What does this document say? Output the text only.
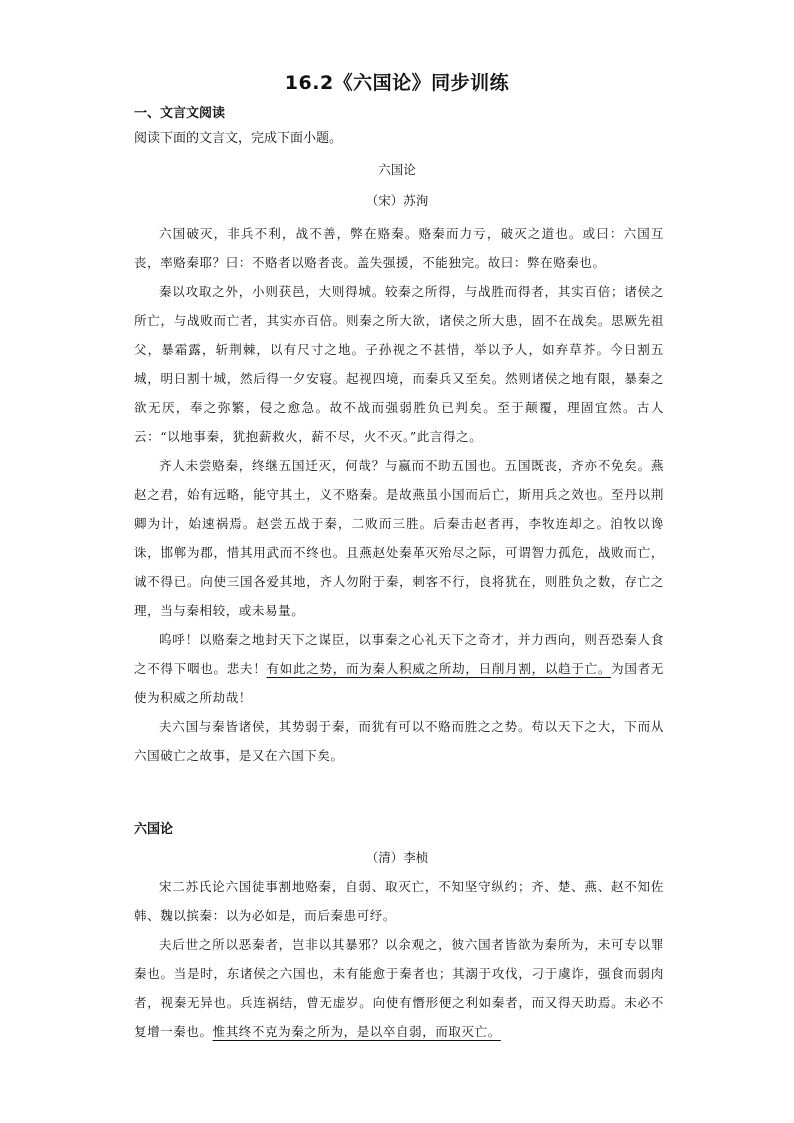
16.2《六国论》同步训练
一、文言文阅读
阅读下面的文言文，完成下面小题。
六国论
（宋）苏洵

六国破灭，非兵不利，战不善，弊在赂秦。赂秦而力亏，破灭之道也。或曰：六国互丧，率赂秦耶？曰：不赂者以赂者丧。盖失强援，不能独完。故曰：弊在赂秦也。

秦以攻取之外，小则获邑，大则得城。较秦之所得，与战胜而得者，其实百倍；诸侯之所亡，与战败而亡者，其实亦百倍。则秦之所大欲，诸侯之所大患，固不在战矣。思厥先祖父，暴霜露，斩荆棘，以有尺寸之地。子孙视之不甚惜，举以予人，如弃草芥。今日割五城，明日割十城，然后得一夕安寝。起视四境，而秦兵又至矣。然则诸侯之地有限，暴秦之欲无厌，奉之弥繁，侵之愈急。故不战而强弱胜负已判矣。至于颠覆，理固宜然。古人云：“以地事秦，犹抱薪救火，薪不尽，火不灭。”此言得之。

齐人未尝赂秦，终继五国迁灭，何哉？与嬴而不助五国也。五国既丧，齐亦不免矣。燕赵之君，始有远略，能守其土，义不赂秦。是故燕虽小国而后亡，斯用兵之效也。至丹以荆卿为计，始速祸焉。赵尝五战于秦，二败而三胜。后秦击赵者再，李牧连却之。洎牧以谗诛，邯郸为郡，惜其用武而不终也。且燕赵处秦革灭殆尽之际，可谓智力孤危，战败而亡，诚不得已。向使三国各爱其地，齐人勿附于秦，刺客不行，良将犹在，则胜负之数，存亡之理，当与秦相较，或未易量。

呜呼！以赂秦之地封天下之谋臣，以事秦之心礼天下之奇才，并力西向，则吾恐秦人食之不得下咽也。悲夫！有如此之势，而为秦人积威之所劫，日削月割，以趋于亡。为国者无使为积威之所劫哉！

夫六国与秦皆诸侯，其势弱于秦，而犹有可以不赂而胜之之势。苟以天下之大，下而从六国破亡之故事，是又在六国下矣。

六国论
（清）李桢

宋二苏氏论六国徒事割地赂秦，自弱、取灭亡，不知坚守纵约；齐、楚、燕、赵不知佐韩、魏以摈秦：以为必如是，而后秦患可纾。

夫后世之所以恶秦者，岂非以其暴邪？以余观之，彼六国者皆欲为秦所为，未可专以罪秦也。当是时，东诸侯之六国也，未有能愈于秦者也；其溺于攻伐，刁于虞诈，强食而弱肉者，视秦无异也。兵连祸结，曾无虚岁。向使有憯形便之利如秦者，而又得天助焉。未必不复增一秦也。惟其终不克为秦之所为，是以卒自弱，而取灭亡。
